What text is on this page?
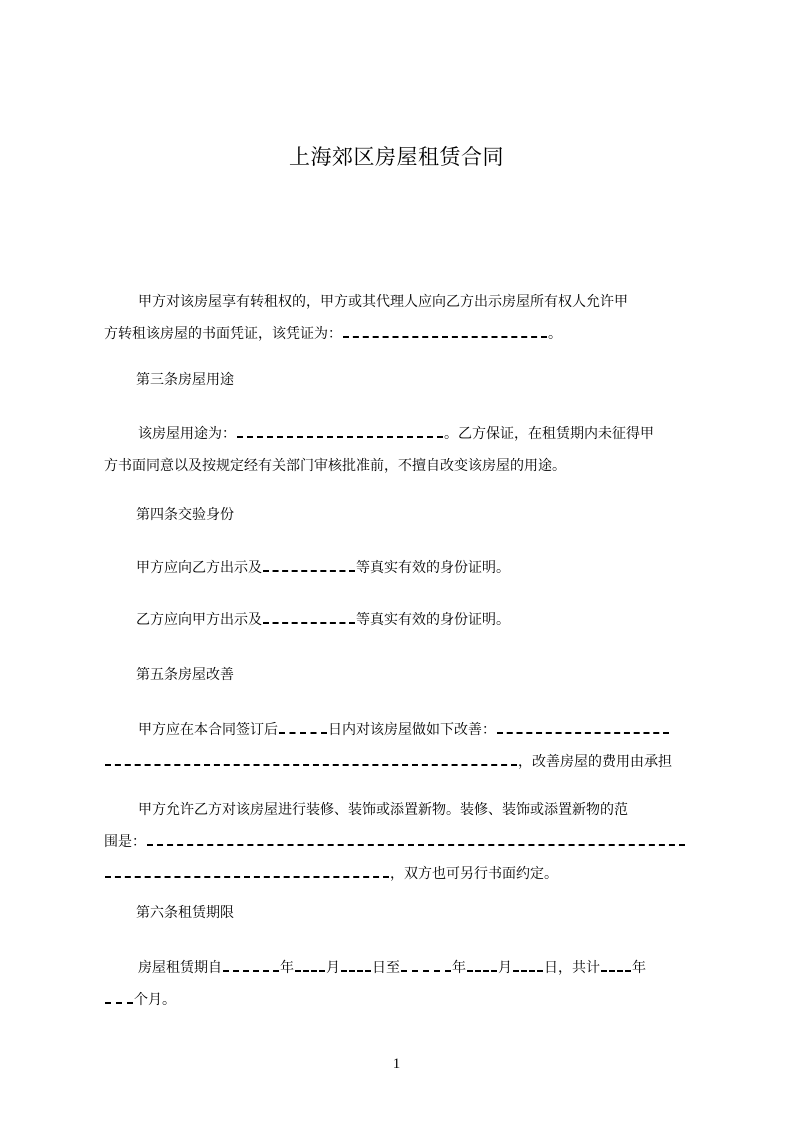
上海郊区房屋租赁合同
甲方对该房屋享有转租权的，甲方或其代理人应向乙方出示房屋所有权人允许甲
方转租该房屋的书面凭证，该凭证为：	。
第三条房屋用途
该房屋用途为：	。乙方保证，在租赁期内未征得甲
方书面同意以及按规定经有关部门审核批准前，不擅自改变该房屋的用途。
第四条交验身份
甲方应向乙方出示及	等真实有效的身份证明。
乙方应向甲方出示及	等真实有效的身份证明。
第五条房屋改善
甲方应在本合同签订后	日内对该房屋做如下改善：
，改善房屋的费用由承担
甲方允许乙方对该房屋进行装修、装饰或添置新物。装修、装饰或添置新物的范
围是：
，双方也可另行书面约定。
第六条租赁期限
房屋租赁期自	年 月 日至	年 月 日，共计 年
个月。
1
